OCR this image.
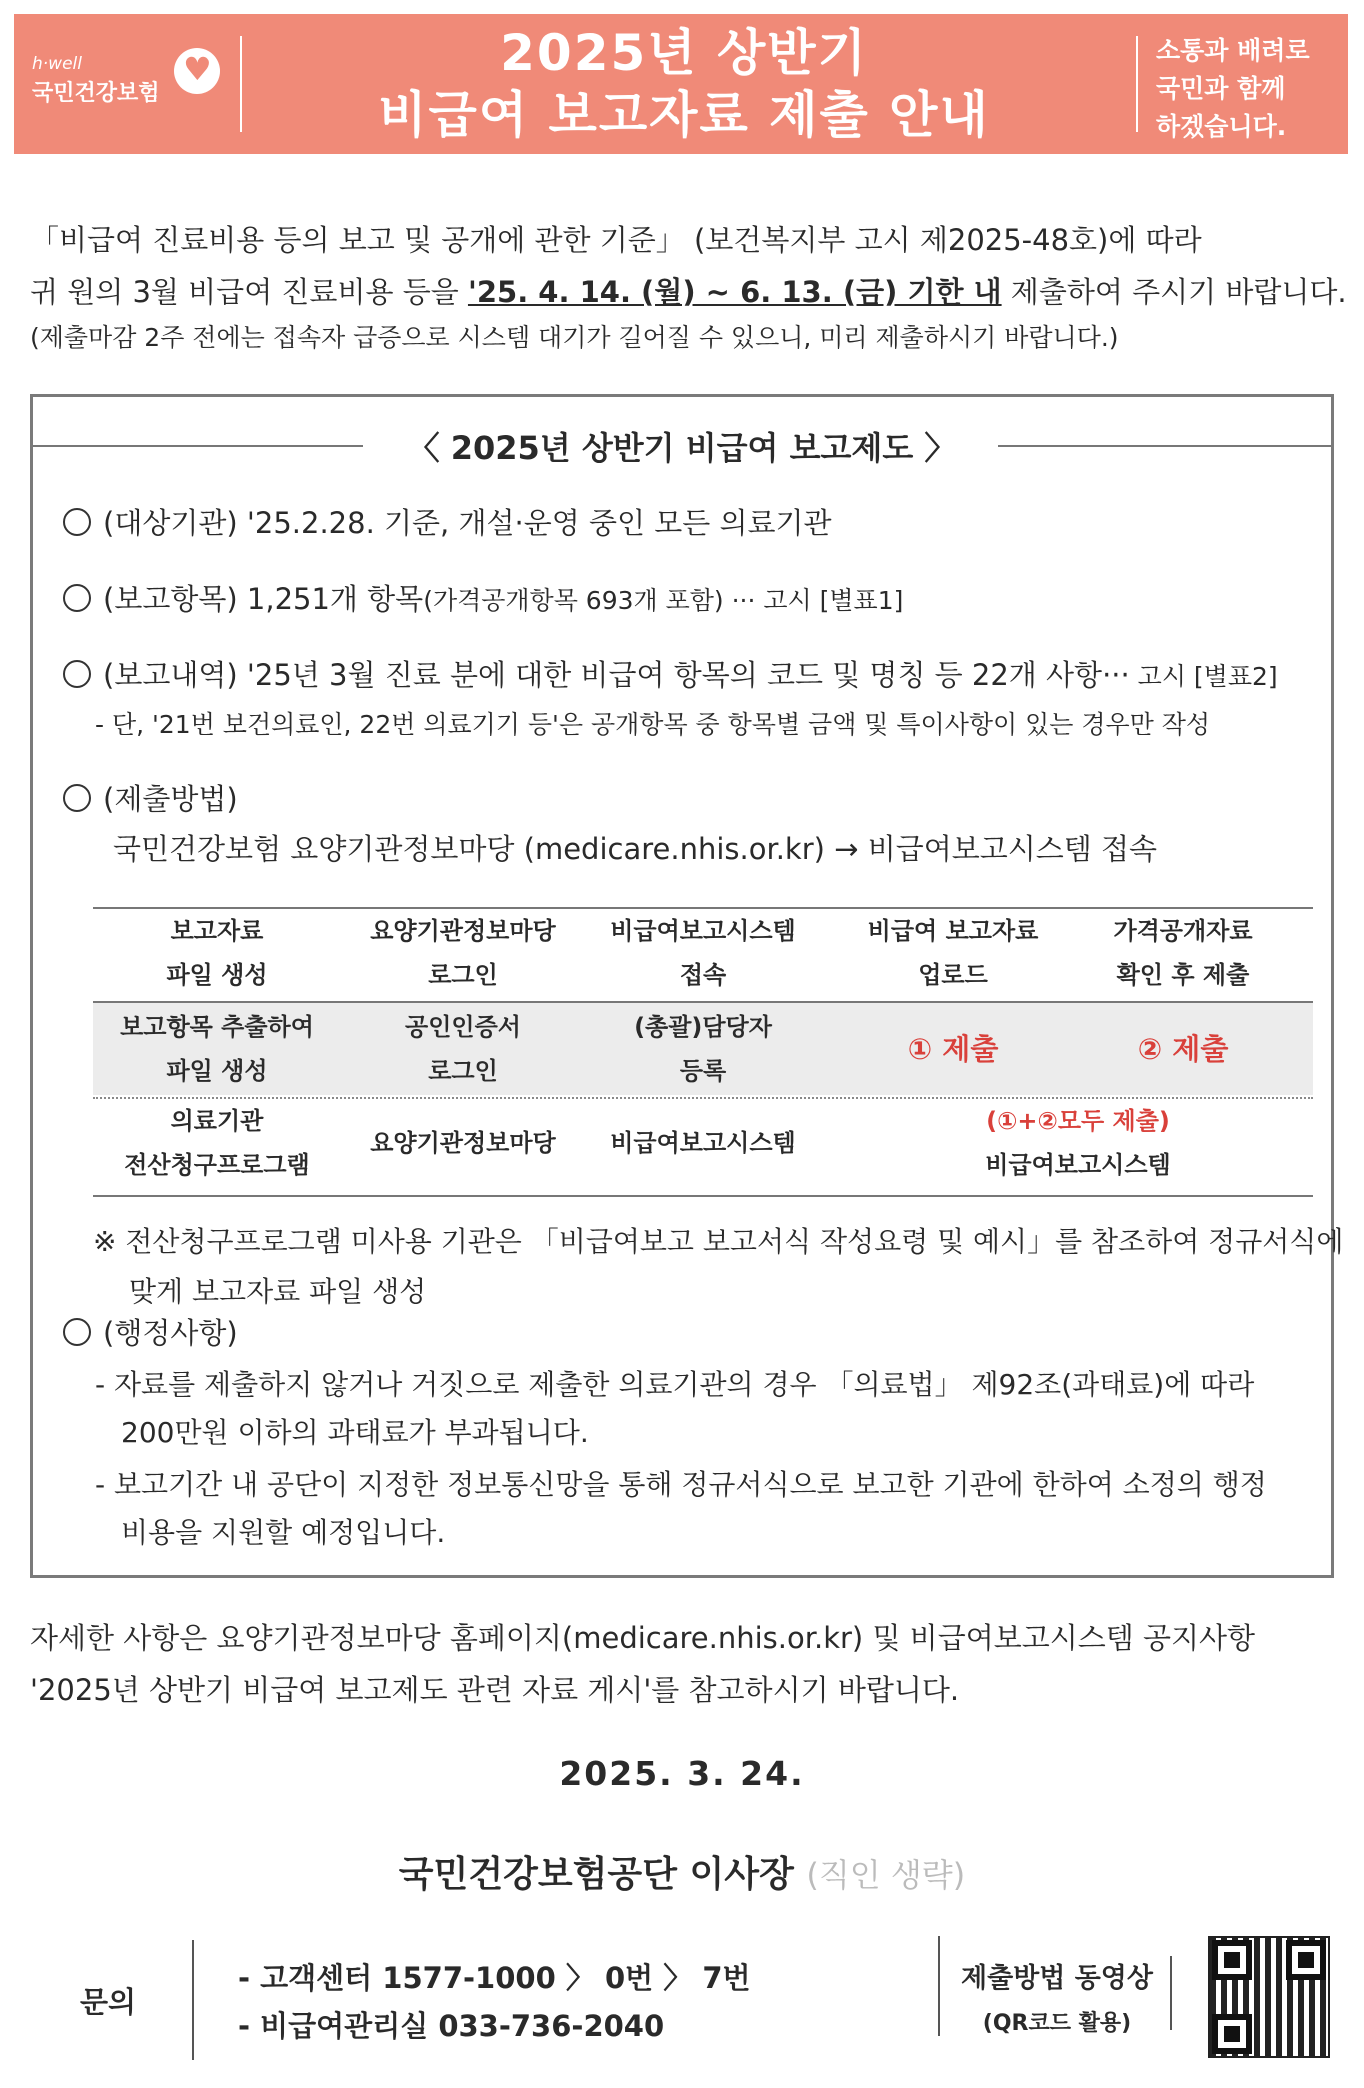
h·well
국민건강보험
♥
2025년 상반기
비급여 보고자료 제출 안내
소통과 배려로
국민과 함께
하겠습니다.
「비급여 진료비용 등의 보고 및 공개에 관한 기준」 (보건복지부 고시 제2025-48호)에 따라
귀 원의 3월 비급여 진료비용 등을 '25. 4. 14. (월) ~ 6. 13. (금) 기한 내 제출하여 주시기 바랍니다.
(제출마감 2주 전에는 접속자 급증으로 시스템 대기가 길어질 수 있으니, 미리 제출하시기 바랍니다.)
〈 2025년 상반기 비급여 보고제도 〉
(대상기관) '25.2.28. 기준, 개설·운영 중인 모든 의료기관
(보고항목) 1,251개 항목(가격공개항목 693개 포함) ··· 고시 [별표1]
(보고내역) '25년 3월 진료 분에 대한 비급여 항목의 코드 및 명칭 등 22개 사항··· 고시 [별표2]
- 단, '21번 보건의료인, 22번 의료기기 등'은 공개항목 중 항목별 금액 및 특이사항이 있는 경우만 작성
(제출방법)
국민건강보험 요양기관정보마당 (medicare.nhis.or.kr) → 비급여보고시스템 접속
보고자료
파일 생성
요양기관정보마당
로그인
비급여보고시스템
접속
비급여 보고자료
업로드
가격공개자료
확인 후 제출
보고항목 추출하여
파일 생성
공인인증서
로그인
(총괄)담당자
등록
① 제출	② 제출
의료기관
전산청구프로그램
요양기관정보마당	비급여보고시스템
(①+②모두 제출)
비급여보고시스템
※ 전산청구프로그램 미사용 기관은 「비급여보고 보고서식 작성요령 및 예시」를 참조하여 정규서식에
맞게 보고자료 파일 생성
(행정사항)
- 자료를 제출하지 않거나 거짓으로 제출한 의료기관의 경우 「의료법」 제92조(과태료)에 따라
200만원 이하의 과태료가 부과됩니다.
- 보고기간 내 공단이 지정한 정보통신망을 통해 정규서식으로 보고한 기관에 한하여 소정의 행정
비용을 지원할 예정입니다.
자세한 사항은 요양기관정보마당 홈페이지(medicare.nhis.or.kr) 및 비급여보고시스템 공지사항
'2025년 상반기 비급여 보고제도 관련 자료 게시'를 참고하시기 바랍니다.
2025. 3. 24.
국민건강보험공단 이사장 (직인 생략)
문의
- 고객센터 1577-1000 〉 0번 〉 7번
- 비급여관리실 033-736-2040
제출방법 동영상
(QR코드 활용)
